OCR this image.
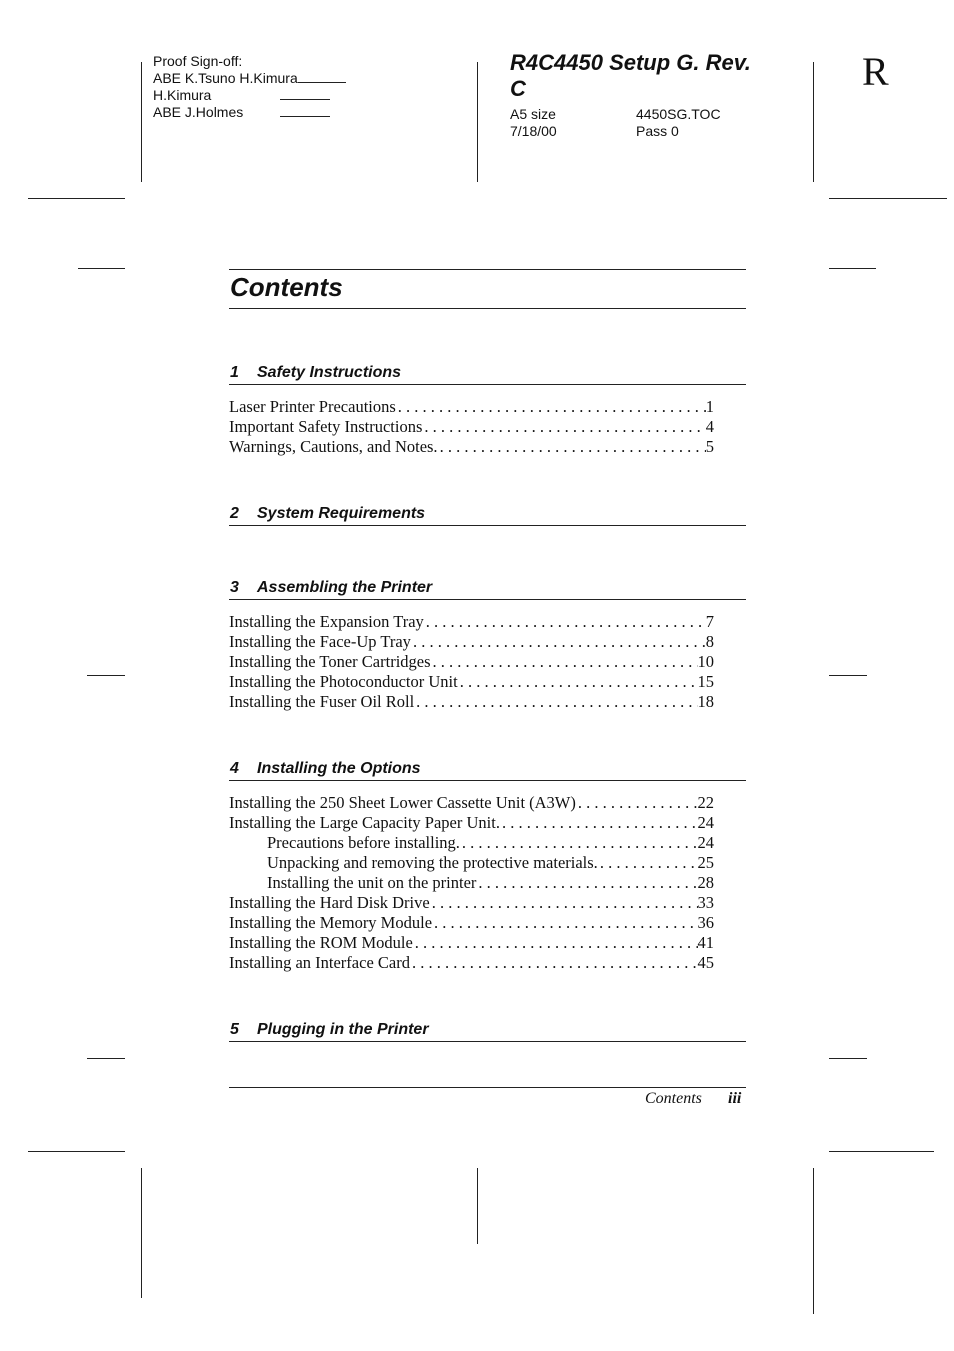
Proof Sign-off:
ABE K.Tsuno H.Kimura
H.Kimura
ABE J.Holmes
R4C4450 Setup G. Rev. C
A5 size	4450SG.TOC
7/18/00	Pass 0
R
Contents
1 Safety Instructions
Laser Printer Precautions . . .	1
Important Safety Instructions . . .	4
Warnings, Cautions, and Notes. . . .	5
2 System Requirements
3 Assembling the Printer
Installing the Expansion Tray . . .	7
Installing the Face-Up Tray . . .	8
Installing the Toner Cartridges . . .	10
Installing the Photoconductor Unit . . .	15
Installing the Fuser Oil Roll . . .	18
4 Installing the Options
Installing the 250 Sheet Lower Cassette Unit (A3W) . . .	22
Installing the Large Capacity Paper Unit. . . .	24
Precautions before installing. . . .	24
Unpacking and removing the protective materials. . . .	25
Installing the unit on the printer . . .	28
Installing the Hard Disk Drive . . .	33
Installing the Memory Module . . .	36
Installing the ROM Module . . .	41
Installing an Interface Card . . .	45
5 Plugging in the Printer
Contents iii
